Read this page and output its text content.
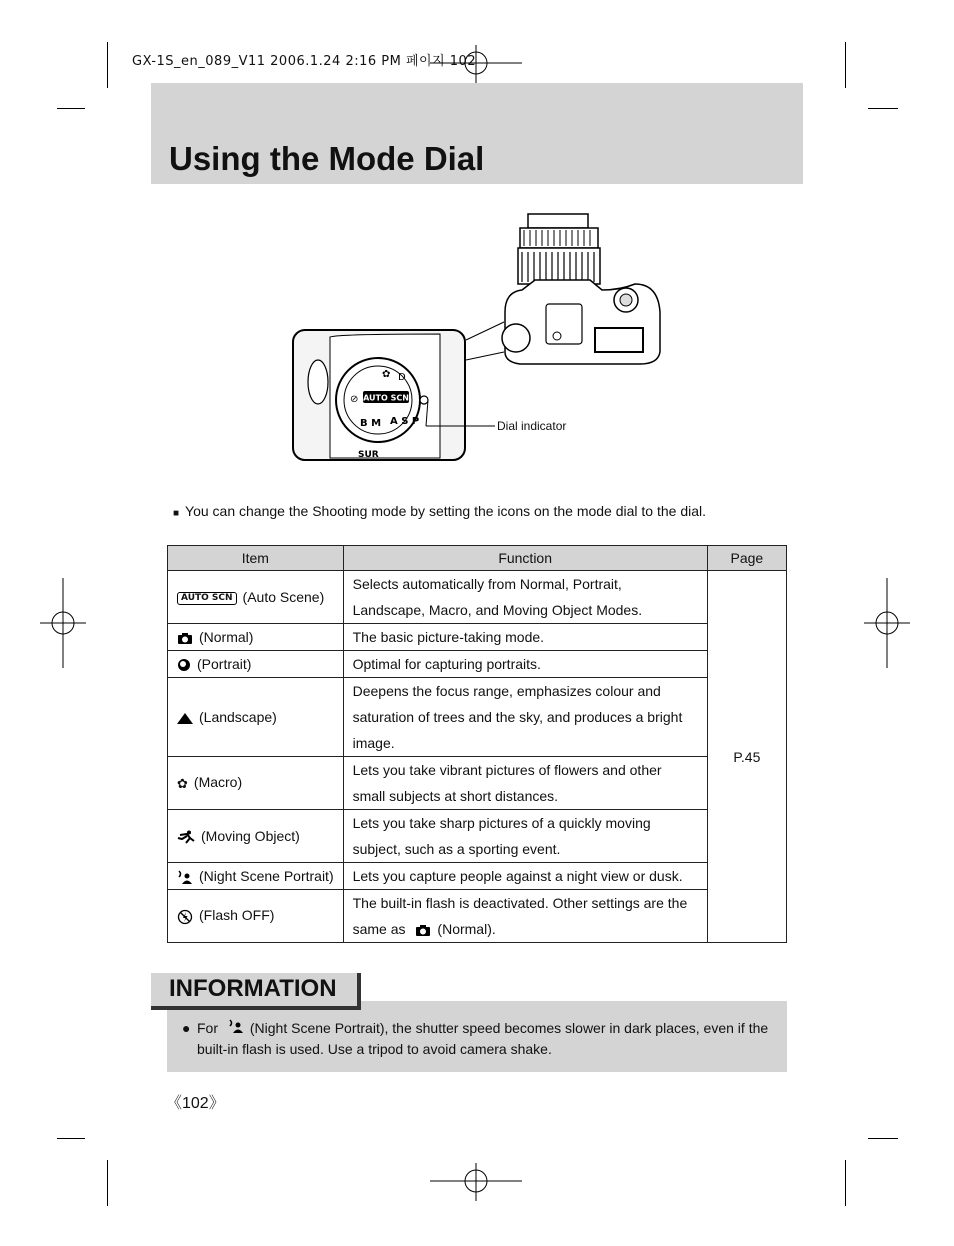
GX-1S_en_089_V11 2006.1.24 2:16 PM 페이지 102
Using the Mode Dial
AUTO SCN
⊘
✿ D
B M A S P
SUR
Dial indicator
■ You can change the Shooting mode by setting the icons on the mode dial to the dial.
Item	Function	Page
AUTO SCN (Auto Scene)	Selects automatically from Normal, Portrait, Landscape, Macro, and Moving Object Modes.	P.45
(Normal)	The basic picture-taking mode.	
(Portrait)	Optimal for capturing portraits.	
(Landscape)	Deepens the focus range, emphasizes colour and saturation of trees and the sky, and produces a bright image.	
✿ (Macro)	Lets you take vibrant pictures of flowers and other small subjects at short distances.	
(Moving Object)	Lets you take sharp pictures of a quickly moving subject, such as a sporting event.	
(Night Scene Portrait)	Lets you capture people against a night view or dusk.	
(Flash OFF)	The built-in flash is deactivated. Other settings are the same as (Normal).	
INFORMATION
● For (Night Scene Portrait), the shutter speed becomes slower in dark places, even if the built-in flash is used. Use a tripod to avoid camera shake.
《102》
